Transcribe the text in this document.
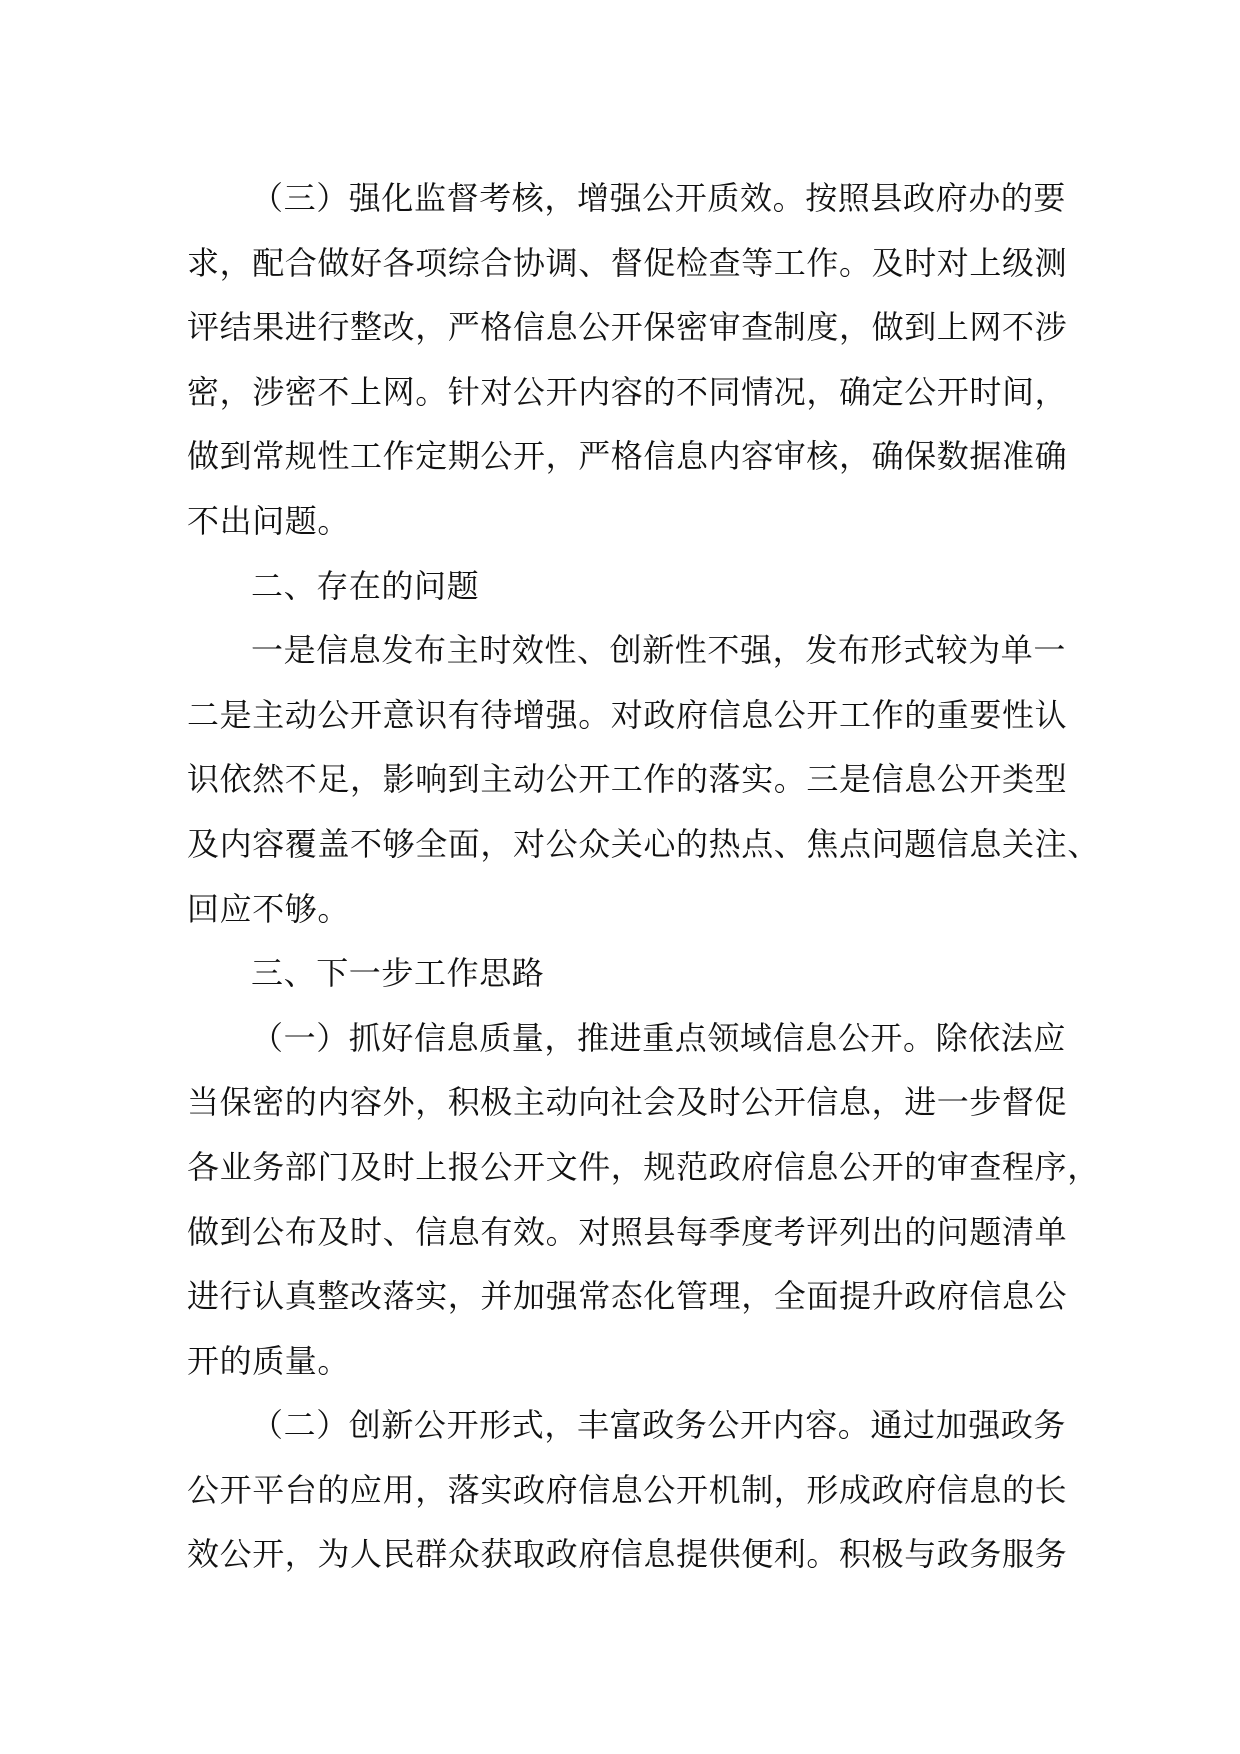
（三）强化监督考核，增强公开质效。按照县政府办的要
求，配合做好各项综合协调、督促检查等工作。及时对上级测
评结果进行整改，严格信息公开保密审查制度，做到上网不涉
密，涉密不上网。针对公开内容的不同情况，确定公开时间，
做到常规性工作定期公开，严格信息内容审核，确保数据准确
不出问题。
二、存在的问题
一是信息发布主时效性、创新性不强，发布形式较为单一
二是主动公开意识有待增强。对政府信息公开工作的重要性认
识依然不足，影响到主动公开工作的落实。三是信息公开类型
及内容覆盖不够全面，对公众关心的热点、焦点问题信息关注、
回应不够。
三、下一步工作思路
（一）抓好信息质量，推进重点领域信息公开。除依法应
当保密的内容外，积极主动向社会及时公开信息，进一步督促
各业务部门及时上报公开文件，规范政府信息公开的审查程序，
做到公布及时、信息有效。对照县每季度考评列出的问题清单
进行认真整改落实，并加强常态化管理，全面提升政府信息公
开的质量。
（二）创新公开形式，丰富政务公开内容。通过加强政务
公开平台的应用，落实政府信息公开机制，形成政府信息的长
效公开，为人民群众获取政府信息提供便利。积极与政务服务
